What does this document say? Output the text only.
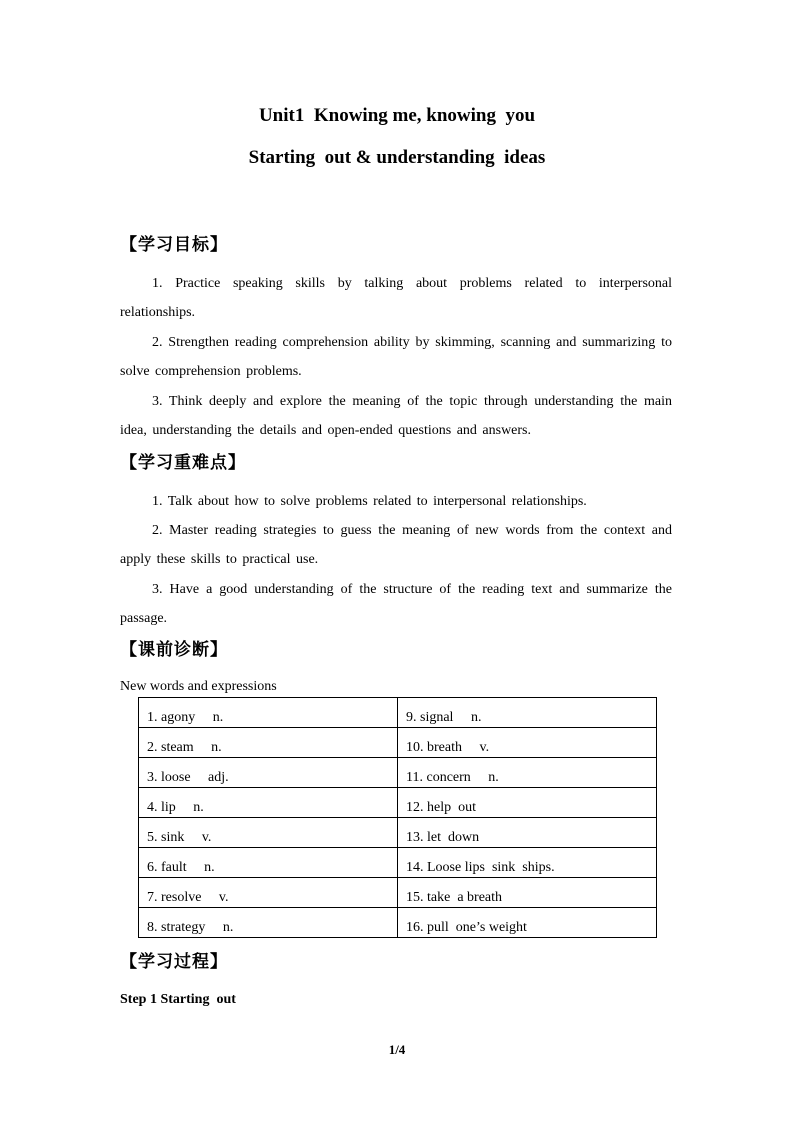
Unit1  Knowing me, knowing  you
Starting  out & understanding  ideas
【学习目标】
1. Practice speaking skills by talking about problems related to interpersonal relationships.
2. Strengthen reading comprehension ability by skimming, scanning and summarizing to solve comprehension problems.
3. Think deeply and explore the meaning of the topic through understanding the main idea, understanding the details and open-ended questions and answers.
【学习重难点】
1. Talk about how to solve problems related to interpersonal relationships.
2. Master reading strategies to guess the meaning of new words from the context and apply these skills to practical use.
3. Have a good understanding of the structure of the reading text and summarize the passage.
【课前诊断】
New words and expressions
1. agony     n.	9. signal     n.
2. steam     n.	10. breath     v.
3. loose     adj.	11. concern     n.
4. lip     n.	12. help  out
5. sink     v.	13. let  down
6. fault     n.	14. Loose lips  sink  ships.
7. resolve     v.	15. take  a breath
8. strategy     n.	16. pull  one’s weight
【学习过程】
Step 1 Starting  out
1/4
